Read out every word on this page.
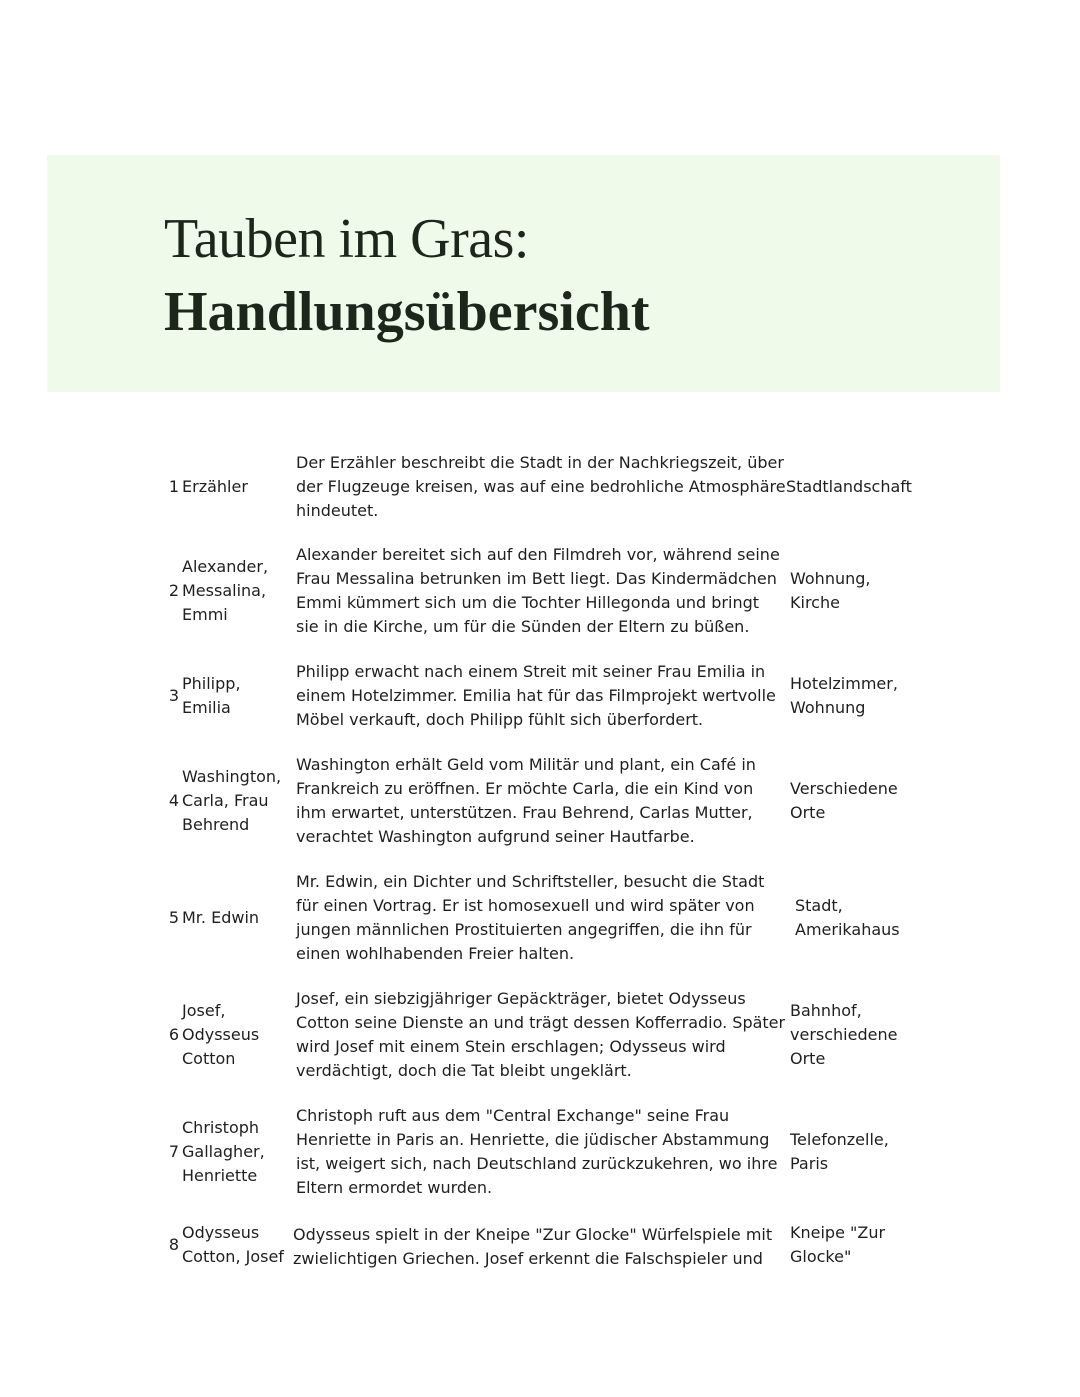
Tauben im Gras:
Handlungsübersicht
1 Erzähler
Der Erzähler beschreibt die Stadt in der Nachkriegszeit, über der Flugzeuge kreisen, was auf eine bedrohliche Atmosphäre hindeutet.
Stadtlandschaft
2
Alexander, Messalina, Emmi
Alexander bereitet sich auf den Filmdreh vor, während seine Frau Messalina betrunken im Bett liegt. Das Kindermädchen Emmi kümmert sich um die Tochter Hillegonda und bringt sie in die Kirche, um für die Sünden der Eltern zu büßen.
Wohnung, Kirche
3
Philipp, Emilia
Philipp erwacht nach einem Streit mit seiner Frau Emilia in einem Hotelzimmer. Emilia hat für das Filmprojekt wertvolle Möbel verkauft, doch Philipp fühlt sich überfordert.
Hotelzimmer, Wohnung
4
Washington, Carla, Frau Behrend
Washington erhält Geld vom Militär und plant, ein Café in Frankreich zu eröffnen. Er möchte Carla, die ein Kind von ihm erwartet, unterstützen. Frau Behrend, Carlas Mutter, verachtet Washington aufgrund seiner Hautfarbe.
Verschiedene Orte
5 Mr. Edwin
Mr. Edwin, ein Dichter und Schriftsteller, besucht die Stadt für einen Vortrag. Er ist homosexuell und wird später von jungen männlichen Prostituierten angegriffen, die ihn für einen wohlhabenden Freier halten.
Stadt, Amerikahaus
6
Josef, Odysseus Cotton
Josef, ein siebzigjähriger Gepäckträger, bietet Odysseus Cotton seine Dienste an und trägt dessen Kofferradio. Später wird Josef mit einem Stein erschlagen; Odysseus wird verdächtigt, doch die Tat bleibt ungeklärt.
Bahnhof, verschiedene Orte
7
Christoph Gallagher, Henriette
Christoph ruft aus dem "Central Exchange" seine Frau Henriette in Paris an. Henriette, die jüdischer Abstammung ist, weigert sich, nach Deutschland zurückzukehren, wo ihre Eltern ermordet wurden.
Telefonzelle, Paris
8
Odysseus Cotton, Josef
Odysseus spielt in der Kneipe "Zur Glocke" Würfelspiele mit zwielichtigen Griechen. Josef erkennt die Falschspieler und
Kneipe "Zur Glocke"
